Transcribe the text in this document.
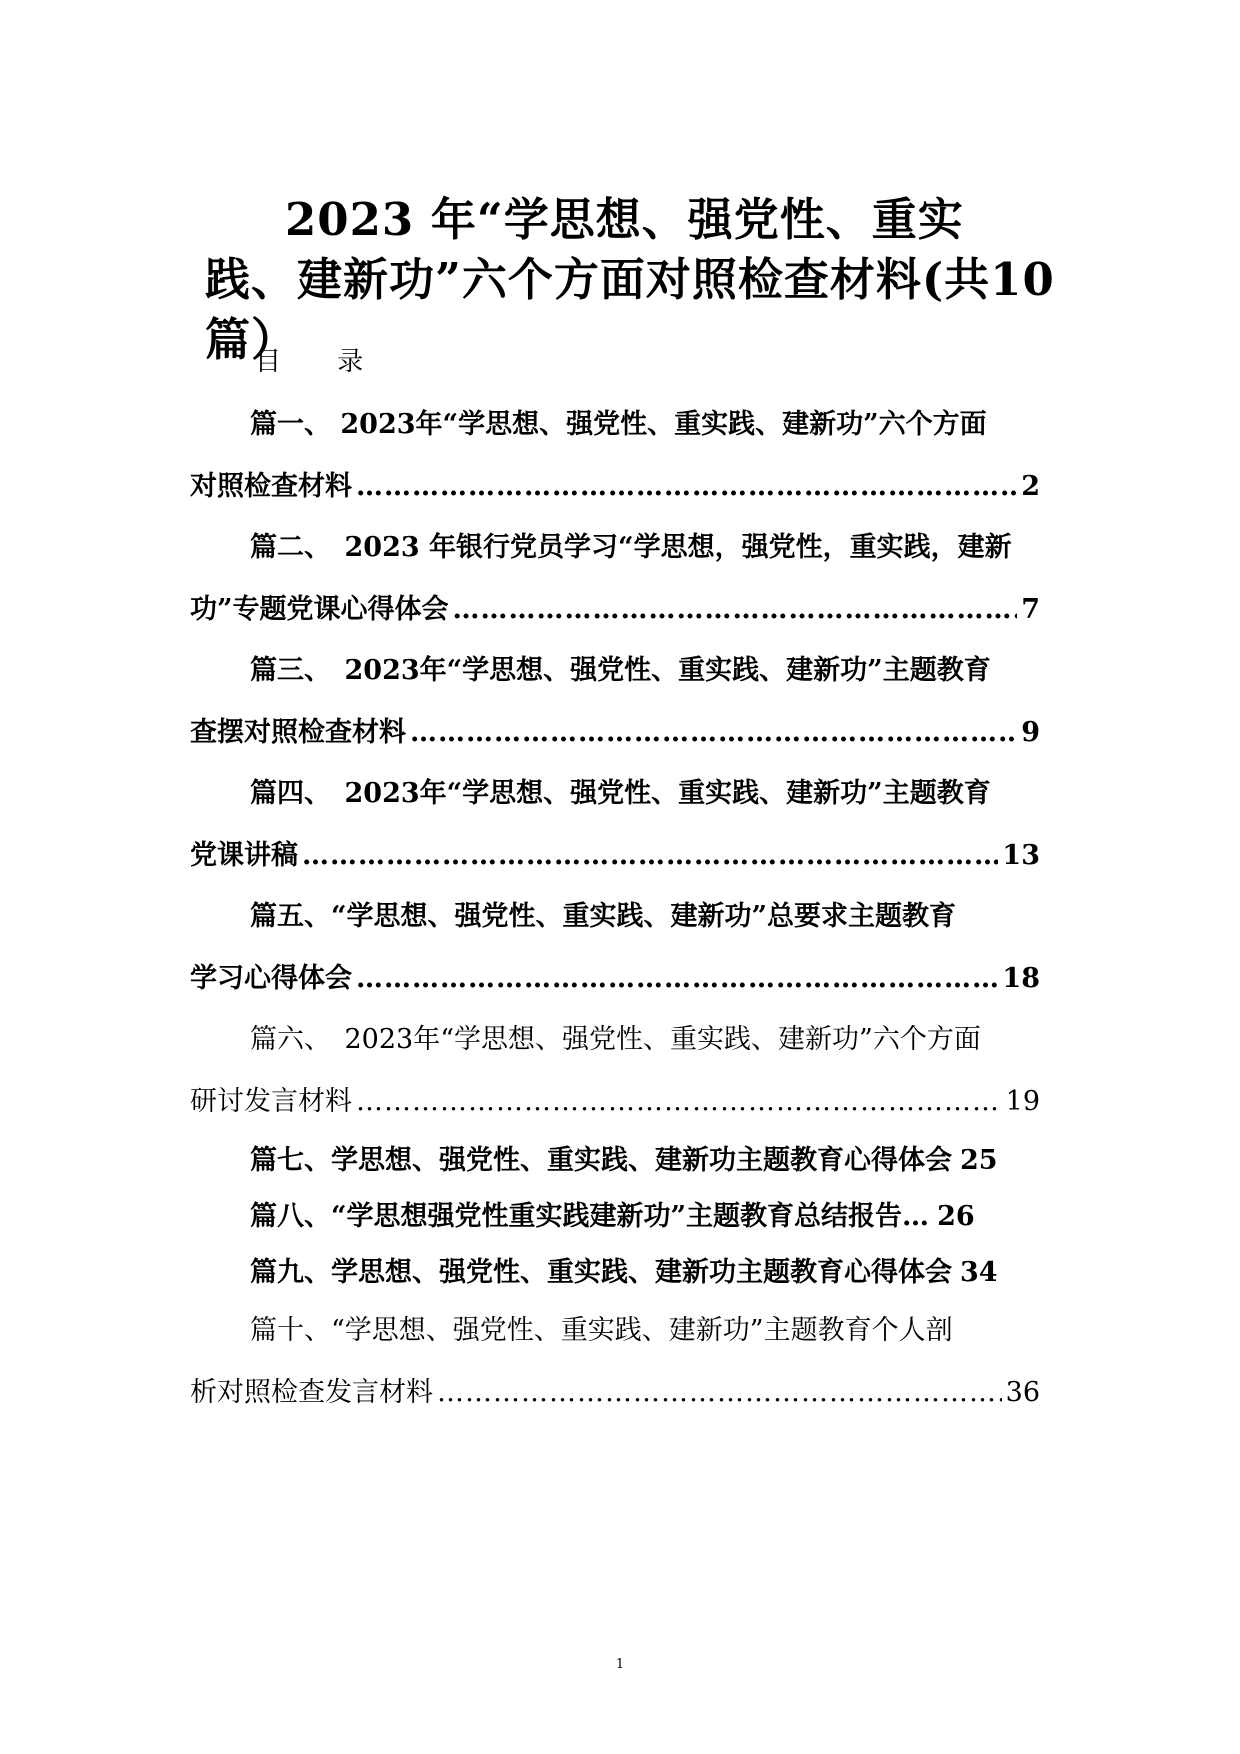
2023 年“学思想、强党性、重实践、建新功”六个方面对照检查材料(共10篇）
目 录
篇一、 2023年“学思想、强党性、重实践、建新功”六个方面
对照检查材料 …………………………………………………………………………………………………………………………………………………………	2
篇二、　2023 年银行党员学习“学思想，强党性，重实践，建新
功”专题党课心得体会 …………………………………………………………………………………………………………………………………………………………	7
篇三、　2023年“学思想、强党性、重实践、建新功”主题教育
查摆对照检查材料 …………………………………………………………………………………………………………………………………………………………	9
篇四、　2023年“学思想、强党性、重实践、建新功”主题教育
党课讲稿 …………………………………………………………………………………………………………………………………………………………	13
篇五、“学思想、强党性、重实践、建新功”总要求主题教育
学习心得体会 …………………………………………………………………………………………………………………………………………………………	18
篇六、　2023年“学思想、强党性、重实践、建新功”六个方面
研讨发言材料 …………………………………………………………………………………………………………………………………………………………	19
篇七、学思想、强党性、重实践、建新功主题教育心得体会 25
篇八、“学思想强党性重实践建新功”主题教育总结报告… 26
篇九、学思想、强党性、重实践、建新功主题教育心得体会 34
篇十、“学思想、强党性、重实践、建新功”主题教育个人剖
析对照检查发言材料 …………………………………………………………………………………………………………………………………………………………	36
1
